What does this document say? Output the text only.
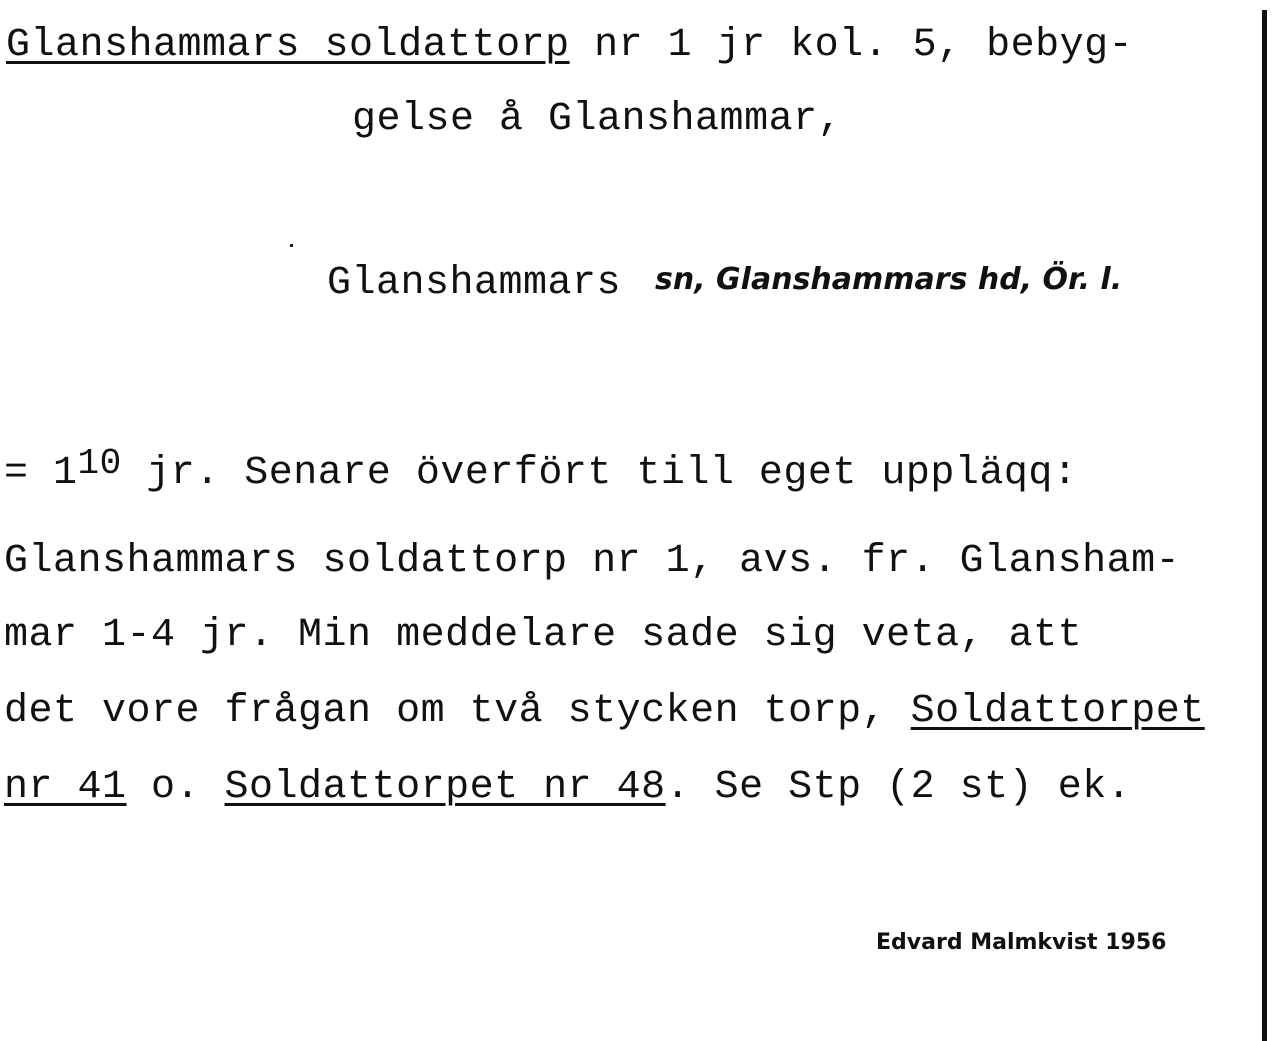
Glanshammars soldattorp nr 1 jr kol. 5, bebyg-
gelse å Glanshammar,
Glanshammars sn, Glanshammars hd, Ör. l.
= $1^{10}$ jr. Senare överfört till eget uppläqq:
Glanshammars soldattorp nr 1, avs. fr. Glansham-
mar 1-4 jr. Min meddelare sade sig veta, att
det vore frågan om två stycken torp, Soldattorpet
nr 41 o. Soldattorpet nr 48. Se Stp (2 st) ek.
Edvard Malmkvist 1956
